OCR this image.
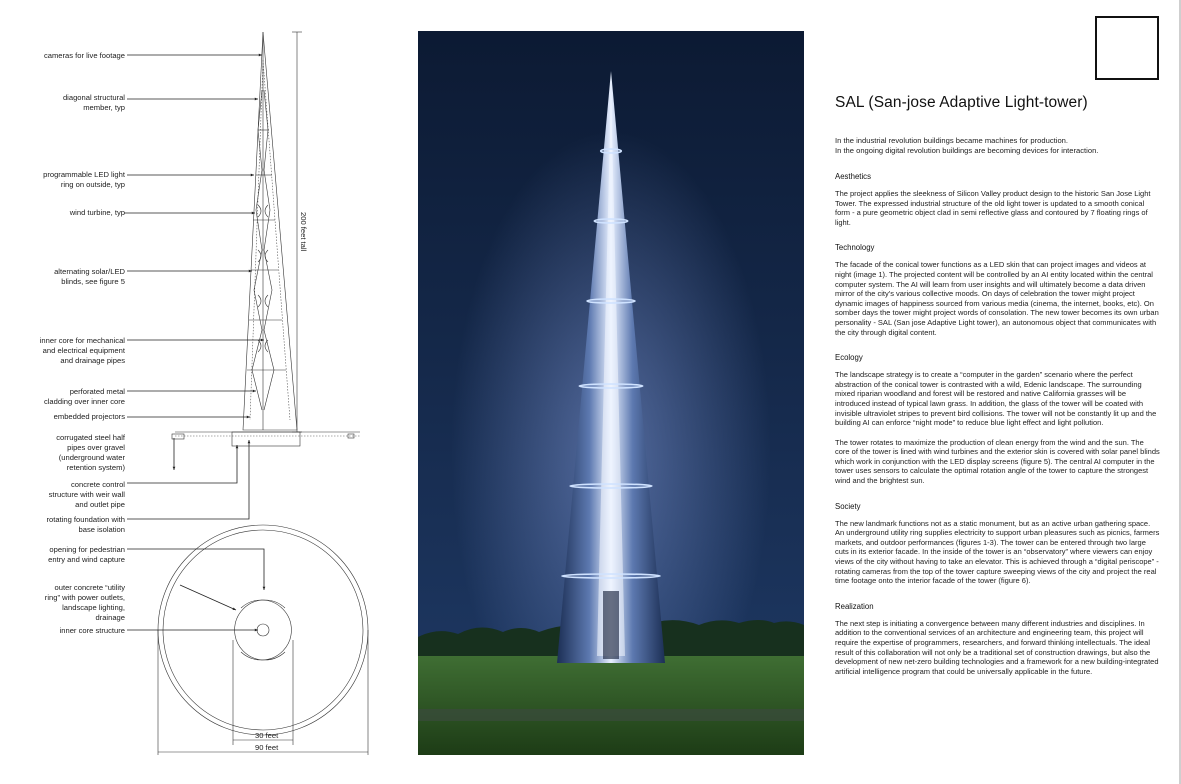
200 feet tall
30 feet
90 feet
cameras for live footage
diagonal structural member, typ
programmable LED light ring on outside, typ
wind turbine, typ
alternating solar/LED blinds, see figure 5
inner core for mechanical and electrical equipment and drainage pipes
perforated metal cladding over inner core
embedded projectors
corrugated steel half pipes over gravel (underground water retention system)
concrete control structure with weir wall and outlet pipe
rotating foundation with base isolation
opening for pedestrian entry and wind capture
outer concrete “utility ring” with power outlets, landscape lighting, drainage
inner core structure
SAL (San-jose Adaptive Light-tower)

In the industrial revolution buildings became machines for production.

In the ongoing digital revolution buildings are becoming devices for interaction.

Aesthetics

The project applies the sleekness of Silicon Valley product design to the historic San Jose Light Tower. The expressed industrial structure of the old light tower is updated to a smooth conical form - a pure geometric object clad in semi reflective glass and contoured by 7 floating rings of light.

Technology

The facade of the conical tower functions as a LED skin that can project images and videos at night (image 1). The projected content will be controlled by an AI entity located within the central computer system. The AI will learn from user insights and will ultimately become a data driven mirror of the city's various collective moods. On days of celebration the tower might project dynamic images of happiness sourced from various media (cinema, the internet, books, etc). On somber days the tower might project words of consolation. The new tower becomes its own urban personality - SAL (San jose Adaptive Light tower), an autonomous object that communicates with the city through digital content.

Ecology

The landscape strategy is to create a “computer in the garden” scenario where the perfect abstraction of the conical tower is contrasted with a wild, Edenic landscape. The surrounding mixed riparian woodland and forest will be restored and native California grasses will be introduced instead of typical lawn grass. In addition, the glass of the tower will be coated with invisible ultraviolet stripes to prevent bird collisions. The tower will not be constantly lit up and the building AI can enforce “night mode” to reduce blue light effect and light pollution.

The tower rotates to maximize the production of clean energy from the wind and the sun. The core of the tower is lined with wind turbines and the exterior skin is covered with solar panel blinds which work in conjunction with the LED display screens (figure 5). The central AI computer in the tower uses sensors to calculate the optimal rotation angle of the tower to capture the strongest wind and the brightest sun.

Society

The new landmark functions not as a static monument, but as an active urban gathering space. An underground utility ring supplies electricity to support urban pleasures such as picnics, farmers markets, and outdoor performances (figures 1-3). The tower can be entered through two large cuts in its exterior facade. In the inside of the tower is an “observatory” where viewers can enjoy views of the city without having to take an elevator. This is achieved through a “digital periscope” - rotating cameras from the top of the tower capture sweeping views of the city and project the real time footage onto the interior facade of the tower (figure 6).

Realization

The next step is initiating a convergence between many different industries and disciplines. In addition to the conventional services of an architecture and engineering team, this project will require the expertise of programmers, researchers, and forward thinking intellectuals. The ideal result of this collaboration will not only be a traditional set of construction drawings, but also the development of new net-zero building technologies and a framework for a new building-integrated artificial intelligence program that could be universally applicable in the future.
